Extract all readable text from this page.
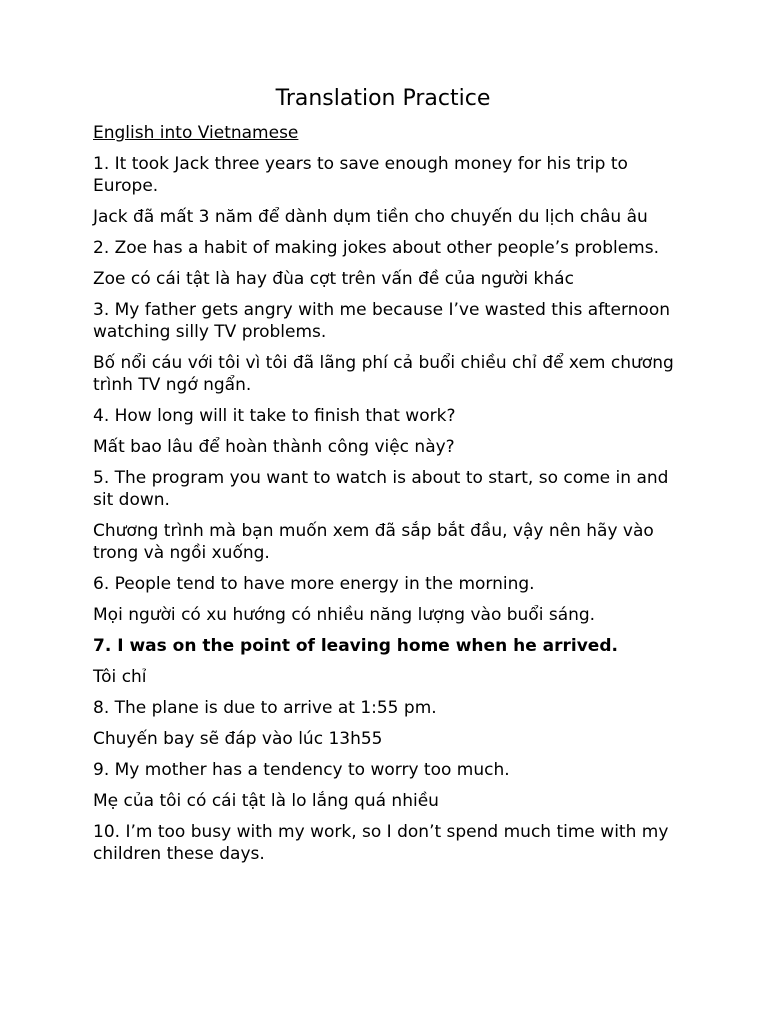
Translation Practice
English into Vietnamese
1. It took Jack three years to save enough money for his trip to Europe.
Jack đã mất 3 năm để dành dụm tiền cho chuyến du lịch châu âu
2. Zoe has a habit of making jokes about other people’s problems.
Zoe có cái tật là hay đùa cợt trên vấn đề của người khác
3. My father gets angry with me because I’ve wasted this afternoon watching silly TV problems.
Bố nổi cáu với tôi vì tôi đã lãng phí cả buổi chiều chỉ để xem chương trình TV ngớ ngẩn.
4. How long will it take to finish that work?
Mất bao lâu để hoàn thành công việc này?
5. The program you want to watch is about to start, so come in and sit down.
Chương trình mà bạn muốn xem đã sắp bắt đầu, vậy nên hãy vào trong và ngồi xuống.
6. People tend to have more energy in the morning.
Mọi người có xu hướng có nhiều năng lượng vào buổi sáng.
7. I was on the point of leaving home when he arrived.
Tôi chỉ
8. The plane is due to arrive at 1:55 pm.
Chuyến bay sẽ đáp vào lúc 13h55
9. My mother has a tendency to worry too much.
Mẹ của tôi có cái tật là lo lắng quá nhiều
10. I’m too busy with my work, so I don’t spend much time with my children these days.
